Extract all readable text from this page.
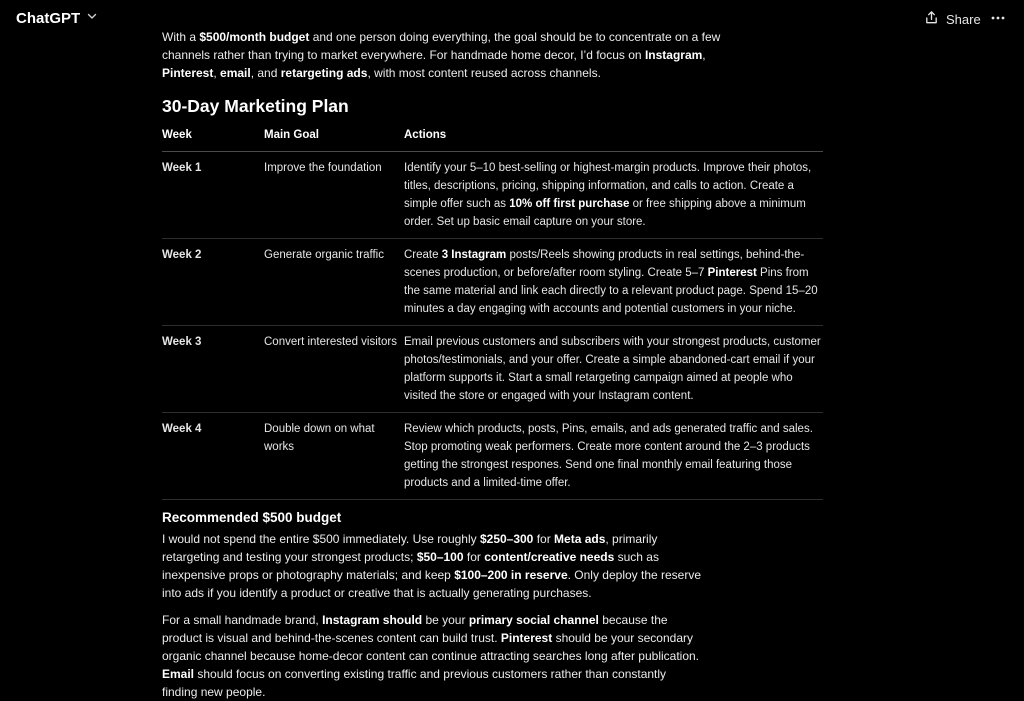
ChatGPT	Share

With a $500/month budget and one person doing everything, the goal should be to concentrate on a few channels rather than trying to market everywhere. For handmade home decor, I’d focus on Instagram, Pinterest, email, and retargeting ads, with most content reused across channels.

30-Day Marketing Plan
Week	Main Goal	Actions
Week 1	Improve the foundation	Identify your 5–10 best-selling or highest-margin products. Improve their photos, titles, descriptions, pricing, shipping information, and calls to action. Create a simple offer such as 10% off first purchase or free shipping above a minimum order. Set up basic email capture on your store.
Week 2	Generate organic traffic	Create 3 Instagram posts/Reels showing products in real settings, behind-the-scenes production, or before/after room styling. Create 5–7 Pinterest Pins from the same material and link each directly to a relevant product page. Spend 15–20 minutes a day engaging with accounts and potential customers in your niche.
Week 3	Convert interested visitors	Email previous customers and subscribers with your strongest products, customer photos/testimonials, and your offer. Create a simple abandoned-cart email if your platform supports it. Start a small retargeting campaign aimed at people who visited the store or engaged with your Instagram content.
Week 4	Double down on what works	Review which products, posts, Pins, emails, and ads generated traffic and sales. Stop promoting weak performers. Create more content around the 2–3 products getting the strongest respones. Send one final monthly email featuring those products and a limited-time offer.
Recommended $500 budget

I would not spend the entire $500 immediately. Use roughly $250–300 for Meta ads, primarily retargeting and testing your strongest products; $50–100 for content/creative needs such as inexpensive props or photography materials; and keep $100–200 in reserve. Only deploy the reserve into ads if you identify a product or creative that is actually generating purchases.

For a small handmade brand, Instagram should be your primary social channel because the product is visual and behind-the-scenes content can build trust. Pinterest should be your secondary organic channel because home-decor content can continue attracting searches long after publication. Email should focus on converting existing traffic and previous customers rather than constantly finding new people.
